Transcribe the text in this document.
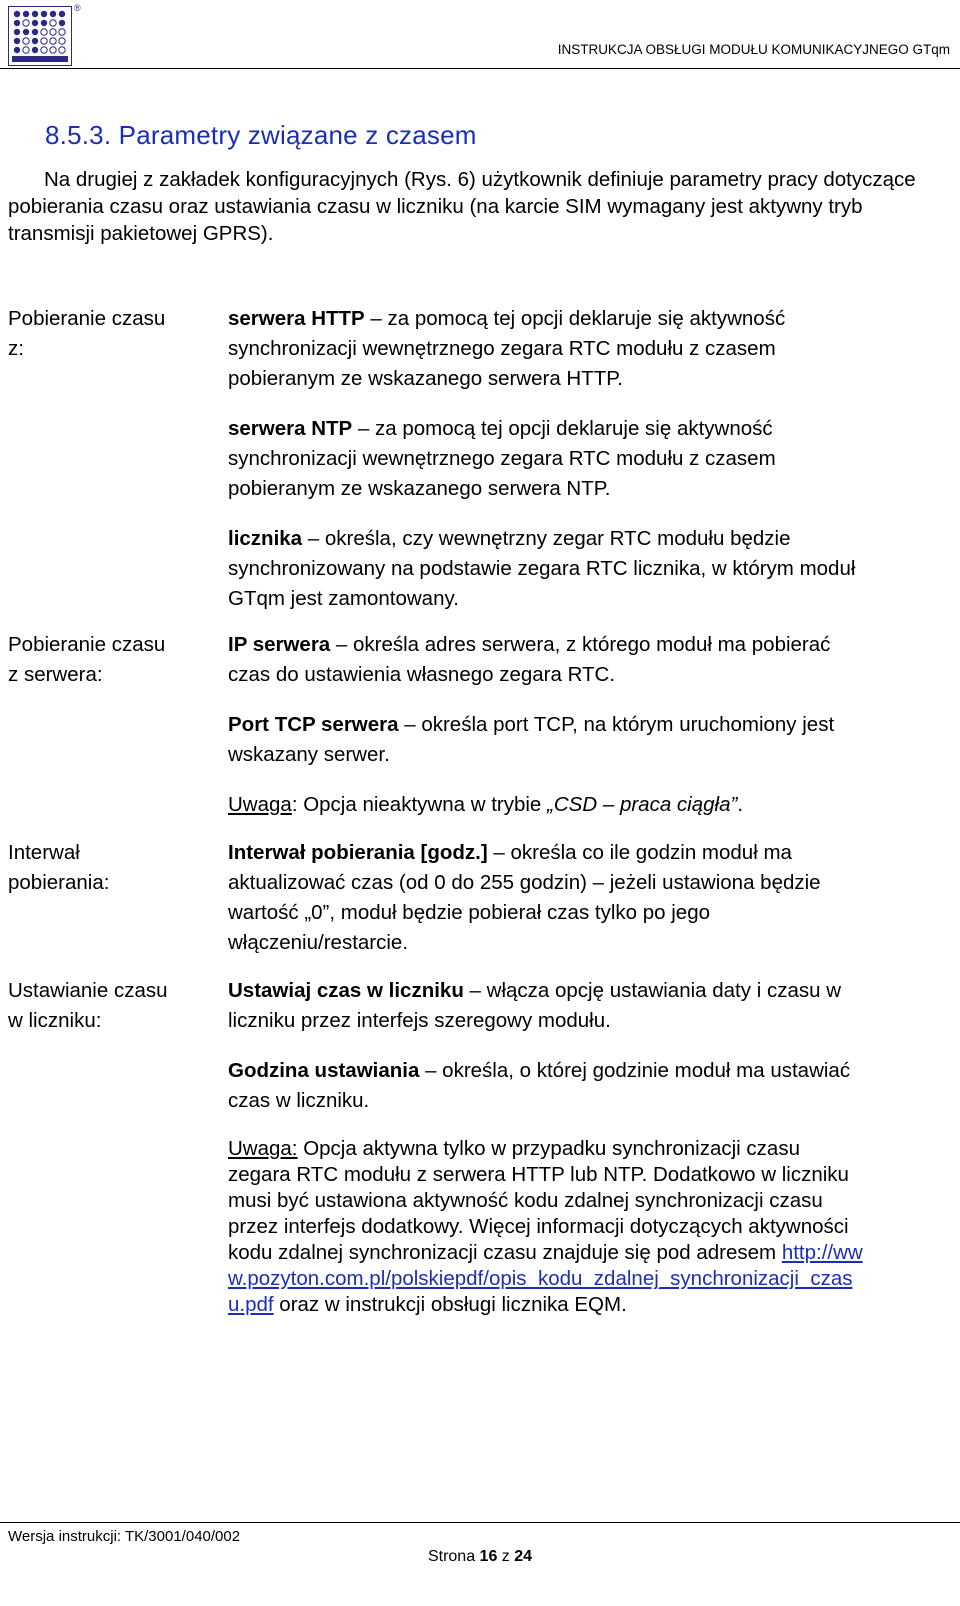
®
INSTRUKCJA OBSŁUGI MODUŁU KOMUNIKACYJNEGO GTqm
8.5.3. Parametry związane z czasem

Na drugiej z zakładek konfiguracyjnych (Rys. 6) użytkownik definiuje parametry pracy dotyczące pobierania czasu oraz ustawiania czasu w liczniku (na karcie SIM wymagany jest aktywny tryb transmisji pakietowej GPRS).

Pobieranie czasu
z:

serwera HTTP – za pomocą tej opcji deklaruje się aktywność synchronizacji wewnętrznego zegara RTC modułu z czasem pobieranym ze wskazanego serwera HTTP.

serwera NTP – za pomocą tej opcji deklaruje się aktywność synchronizacji wewnętrznego zegara RTC modułu z czasem pobieranym ze wskazanego serwera NTP.

licznika – określa, czy wewnętrzny zegar RTC modułu będzie synchronizowany na podstawie zegara RTC licznika, w którym moduł GTqm jest zamontowany.

Pobieranie czasu
z serwera:

IP serwera – określa adres serwera, z którego moduł ma pobierać czas do ustawienia własnego zegara RTC.

Port TCP serwera – określa port TCP, na którym uruchomiony jest wskazany serwer.

Uwaga: Opcja nieaktywna w trybie „CSD – praca ciągła”.

Interwał
pobierania:

Interwał pobierania [godz.] – określa co ile godzin moduł ma aktualizować czas (od 0 do 255 godzin) – jeżeli ustawiona będzie wartość „0”, moduł będzie pobierał czas tylko po jego włączeniu/restarcie.

Ustawianie czasu
w liczniku:

Ustawiaj czas w liczniku – włącza opcję ustawiania daty i czasu w liczniku przez interfejs szeregowy modułu.

Godzina ustawiania – określa, o której godzinie moduł ma ustawiać czas w liczniku.

Uwaga: Opcja aktywna tylko w przypadku synchronizacji czasu zegara RTC modułu z serwera HTTP lub NTP. Dodatkowo w liczniku musi być ustawiona aktywność kodu zdalnej synchronizacji czasu przez interfejs dodatkowy. Więcej informacji dotyczących aktywności kodu zdalnej synchronizacji czasu znajduje się pod adresem http://www.pozyton.com.pl/polskiepdf/opis_kodu_zdalnej_synchronizacji_czasu.pdf oraz w instrukcji obsługi licznika EQM.

Wersja instrukcji: TK/3001/040/002
Strona 16 z 24
